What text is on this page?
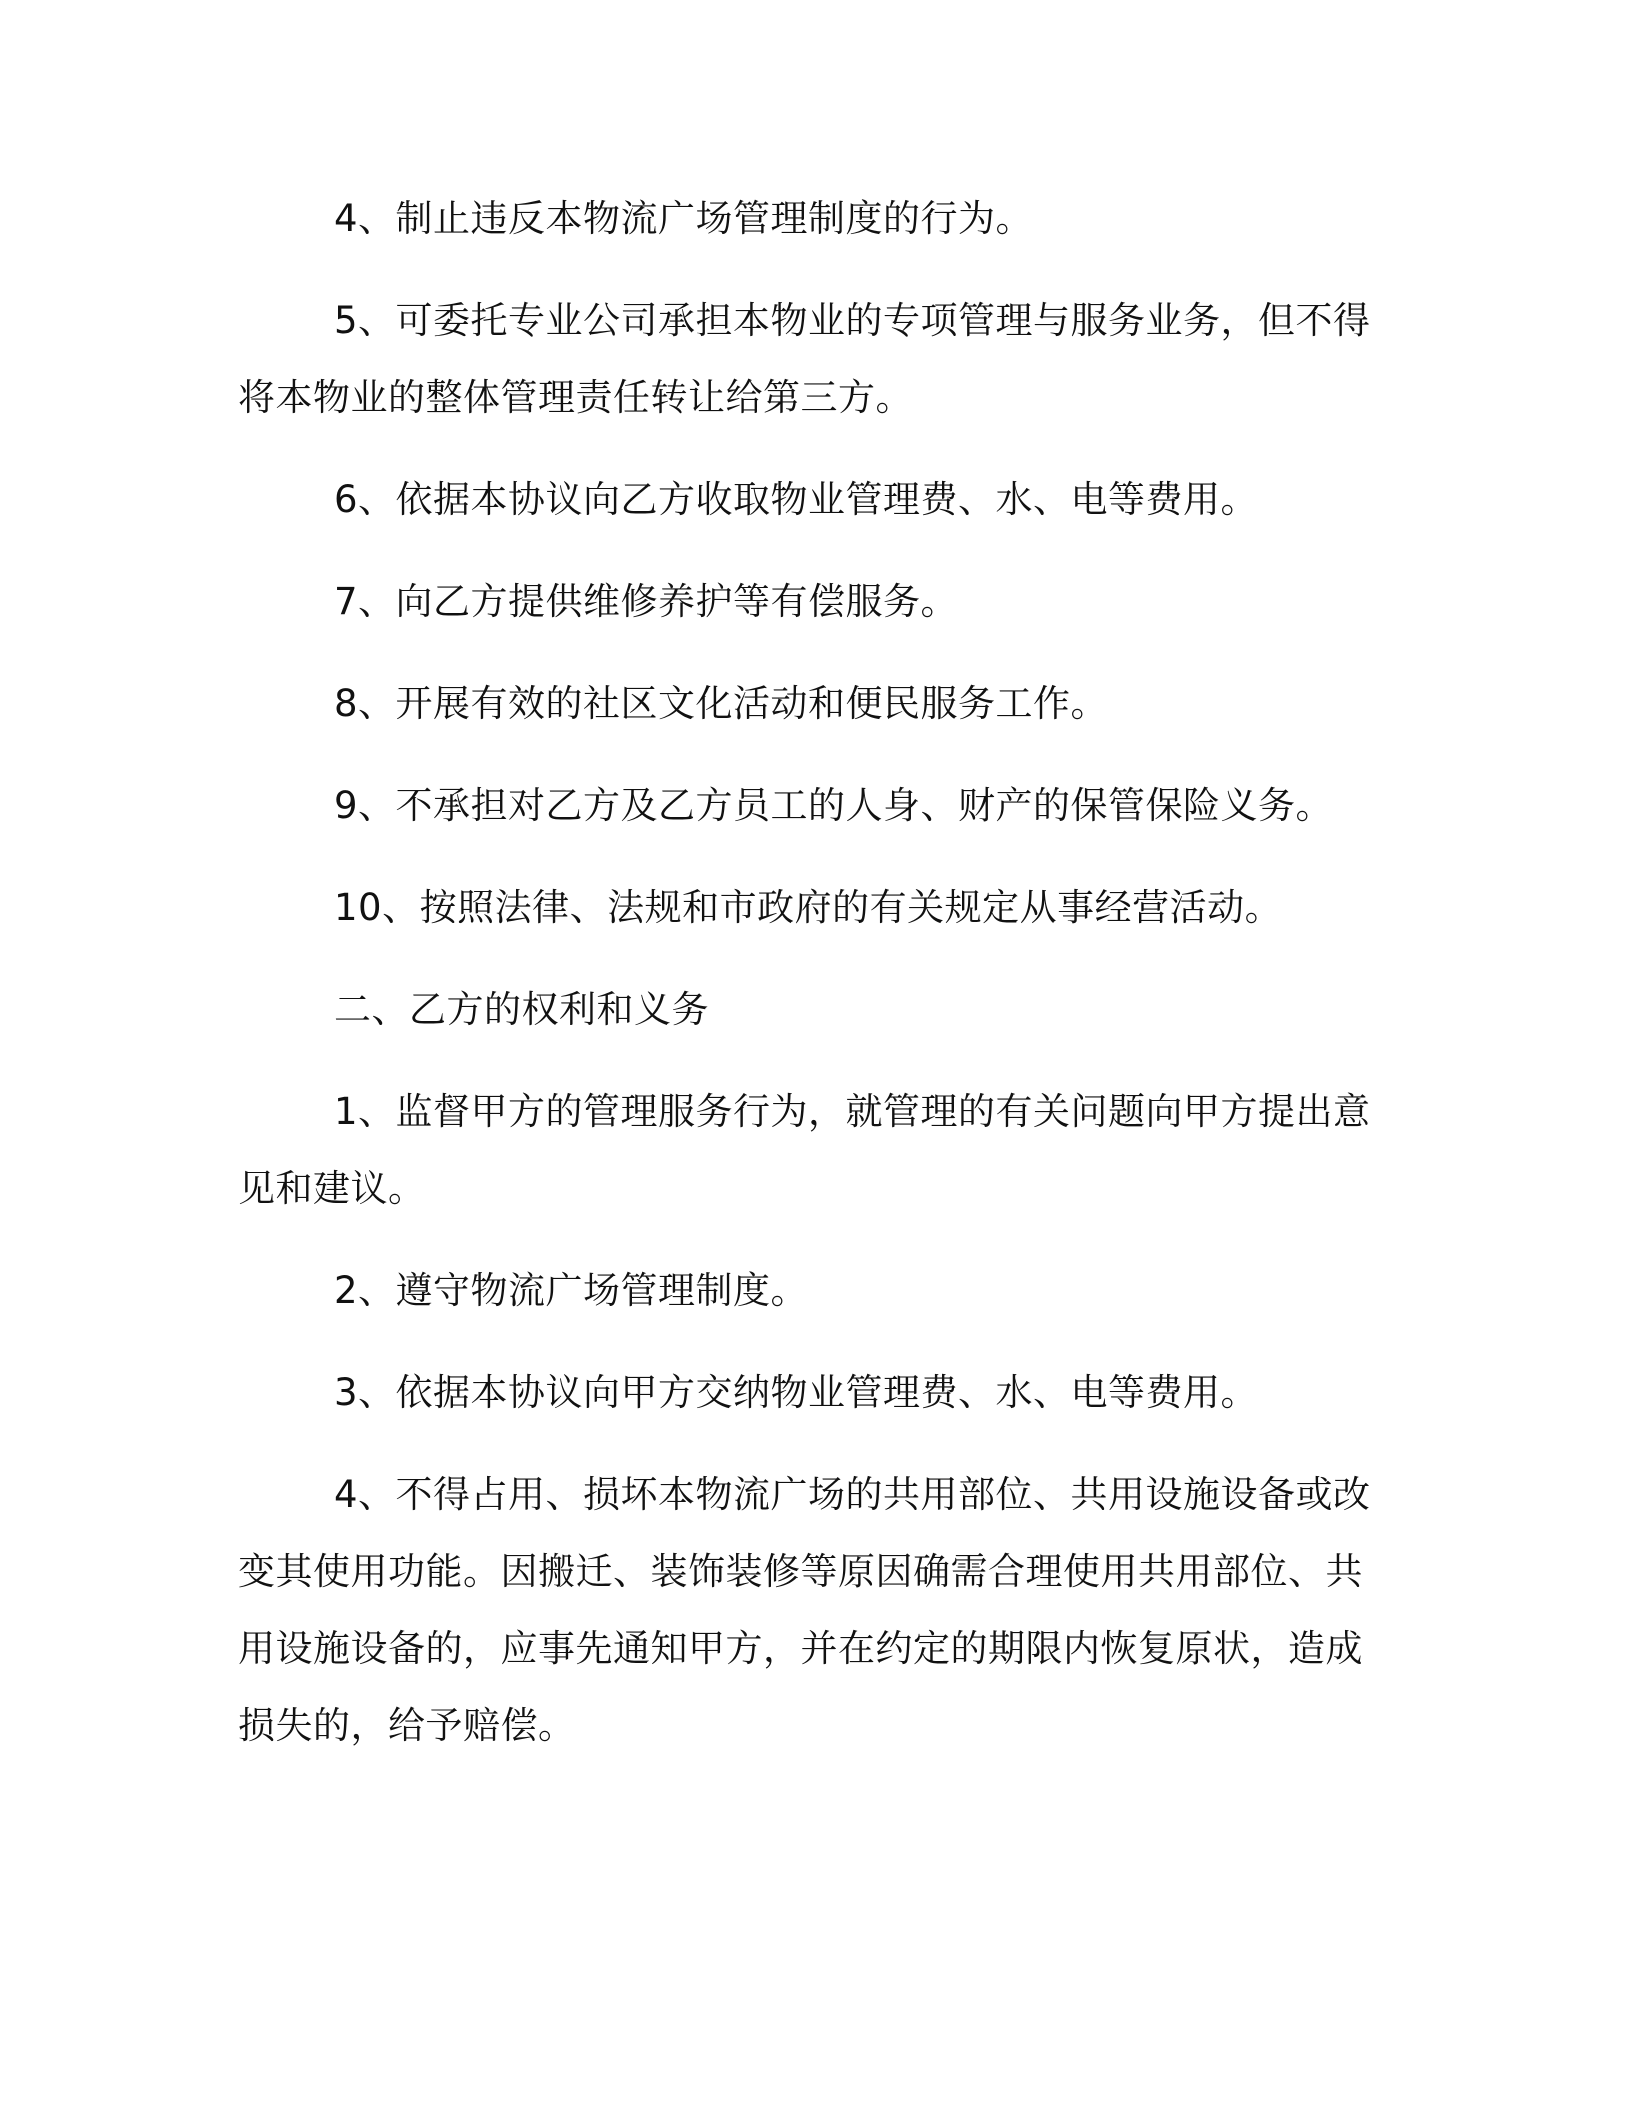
4、制止违反本物流广场管理制度的行为。
5、可委托专业公司承担本物业的专项管理与服务业务，但不得
将本物业的整体管理责任转让给第三方。
6、依据本协议向乙方收取物业管理费、水、电等费用。
7、向乙方提供维修养护等有偿服务。
8、开展有效的社区文化活动和便民服务工作。
9、不承担对乙方及乙方员工的人身、财产的保管保险义务。
10、按照法律、法规和市政府的有关规定从事经营活动。
二、乙方的权利和义务
1、监督甲方的管理服务行为，就管理的有关问题向甲方提出意
见和建议。
2、遵守物流广场管理制度。
3、依据本协议向甲方交纳物业管理费、水、电等费用。
4、不得占用、损坏本物流广场的共用部位、共用设施设备或改
变其使用功能。因搬迁、装饰装修等原因确需合理使用共用部位、共
用设施设备的，应事先通知甲方，并在约定的期限内恢复原状，造成
损失的，给予赔偿。
